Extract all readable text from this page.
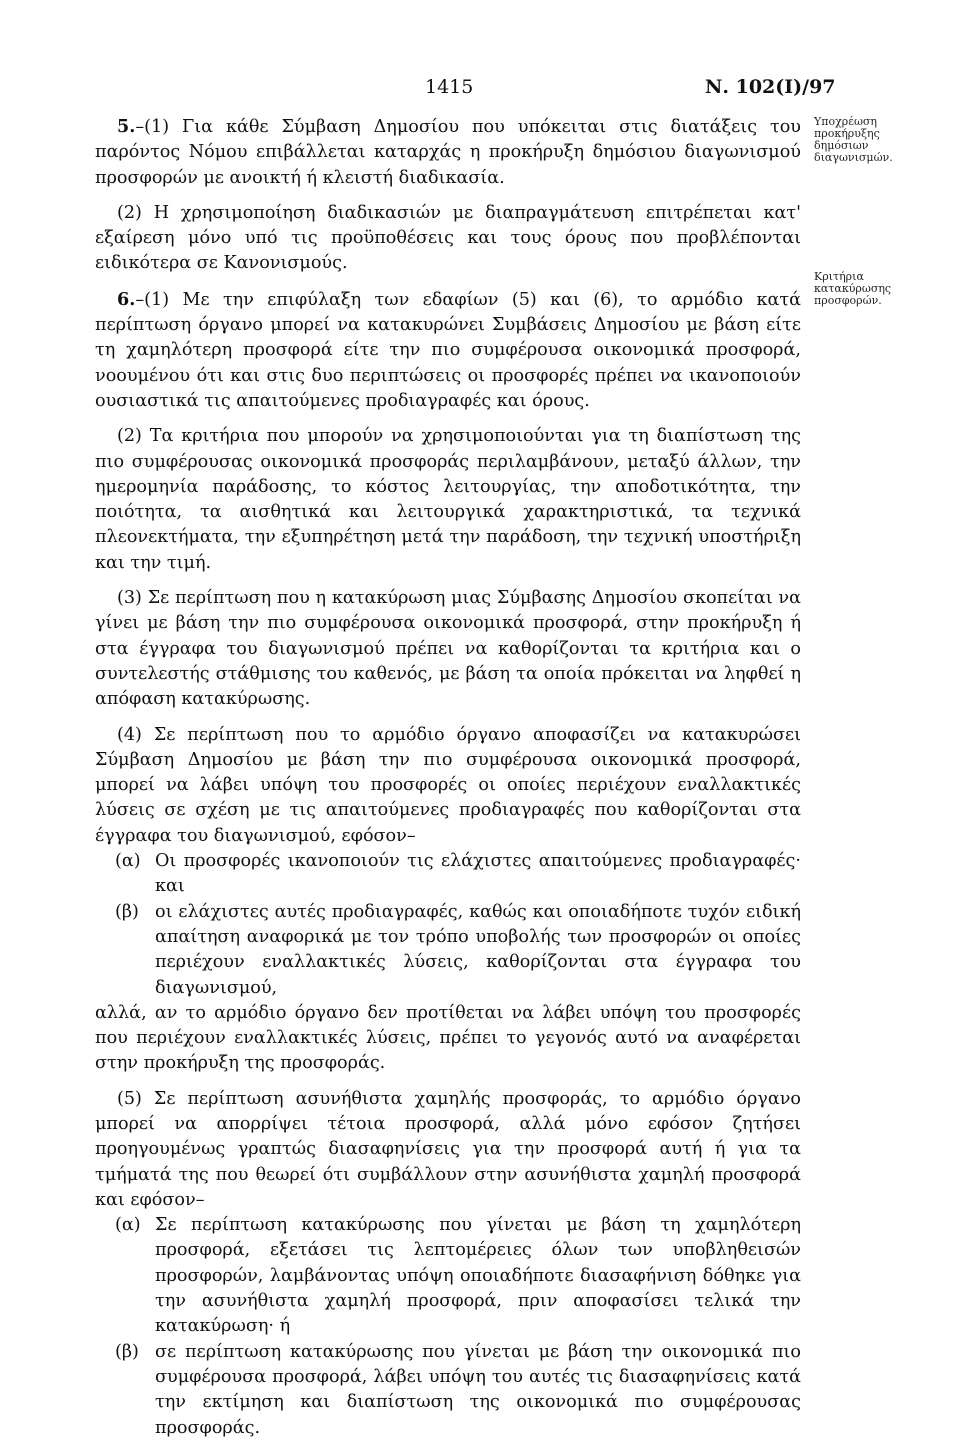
1415	Ν. 102(Ι)/97
Υποχρέωση
προκήρυξης
δημόσιων
διαγωνισμών.
Κριτήρια
κατακύρωσης
προσφορών.

5.–(1) Για κάθε Σύμβαση Δημοσίου που υπόκειται στις διατάξεις του παρόντος Νόμου επιβάλλεται καταρχάς η προκήρυξη δημόσιου διαγωνισμού προσφορών με ανοικτή ή κλειστή διαδικασία.

(2) Η χρησιμοποίηση διαδικασιών με διαπραγμάτευση επιτρέπεται κατ' εξαίρεση μόνο υπό τις προϋποθέσεις και τους όρους που προβλέπονται ειδικότερα σε Κανονισμούς.

6.–(1) Με την επιφύλαξη των εδαφίων (5) και (6), το αρμόδιο κατά περίπτωση όργανο μπορεί να κατακυρώνει Συμβάσεις Δημοσίου με βάση είτε τη χαμηλότερη προσφορά είτε την πιο συμφέρουσα οικονομικά προσφορά, νοουμένου ότι και στις δυο περιπτώσεις οι προσφορές πρέπει να ικανοποιούν ουσιαστικά τις απαιτούμενες προδιαγραφές και όρους.

(2) Τα κριτήρια που μπορούν να χρησιμοποιούνται για τη διαπίστωση της πιο συμφέρουσας οικονομικά προσφοράς περιλαμβάνουν, μεταξύ άλλων, την ημερομηνία παράδοσης, το κόστος λειτουργίας, την αποδοτικότητα, την ποιότητα, τα αισθητικά και λειτουργικά χαρακτηριστικά, τα τεχνικά πλεονεκτήματα, την εξυπηρέτηση μετά την παράδοση, την τεχνική υποστήριξη και την τιμή.

(3) Σε περίπτωση που η κατακύρωση μιας Σύμβασης Δημοσίου σκοπείται να γίνει με βάση την πιο συμφέρουσα οικονομικά προσφορά, στην προκήρυξη ή στα έγγραφα του διαγωνισμού πρέπει να καθορίζονται τα κριτήρια και ο συντελεστής στάθμισης του καθενός, με βάση τα οποία πρόκειται να ληφθεί η απόφαση κατακύρωσης.

(4) Σε περίπτωση που το αρμόδιο όργανο αποφασίζει να κατακυρώσει Σύμβαση Δημοσίου με βάση την πιο συμφέρουσα οικονομικά προσφορά, μπορεί να λάβει υπόψη του προσφορές οι οποίες περιέχουν εναλλακτικές λύσεις σε σχέση με τις απαιτούμενες προδιαγραφές που καθορίζονται στα έγγραφα του διαγωνισμού, εφόσον–

(α) Οι προσφορές ικανοποιούν τις ελάχιστες απαιτούμενες προδιαγραφές· και

(β) οι ελάχιστες αυτές προδιαγραφές, καθώς και οποιαδήποτε τυχόν ειδική απαίτηση αναφορικά με τον τρόπο υποβολής των προσφορών οι οποίες περιέχουν εναλλακτικές λύσεις, καθορίζονται στα έγγραφα του διαγωνισμού,

αλλά, αν το αρμόδιο όργανο δεν προτίθεται να λάβει υπόψη του προσφορές που περιέχουν εναλλακτικές λύσεις, πρέπει το γεγονός αυτό να αναφέρεται στην προκήρυξη της προσφοράς.

(5) Σε περίπτωση ασυνήθιστα χαμηλής προσφοράς, το αρμόδιο όργανο μπορεί να απορρίψει τέτοια προσφορά, αλλά μόνο εφόσον ζητήσει προηγουμένως γραπτώς διασαφηνίσεις για την προσφορά αυτή ή για τα τμήματά της που θεωρεί ότι συμβάλλουν στην ασυνήθιστα χαμηλή προσφορά και εφόσον–

(α) Σε περίπτωση κατακύρωσης που γίνεται με βάση τη χαμηλότερη προσφορά, εξετάσει τις λεπτομέρειες όλων των υποβληθεισών προσφορών, λαμβάνοντας υπόψη οποιαδήποτε διασαφήνιση δόθηκε για την ασυνήθιστα χαμηλή προσφορά, πριν αποφασίσει τελικά την κατακύρωση· ή

(β) σε περίπτωση κατακύρωσης που γίνεται με βάση την οικονομικά πιο συμφέρουσα προσφορά, λάβει υπόψη του αυτές τις διασαφηνίσεις κατά την εκτίμηση και διαπίστωση της οικονομικά πιο συμφέρουσας προσφοράς.
